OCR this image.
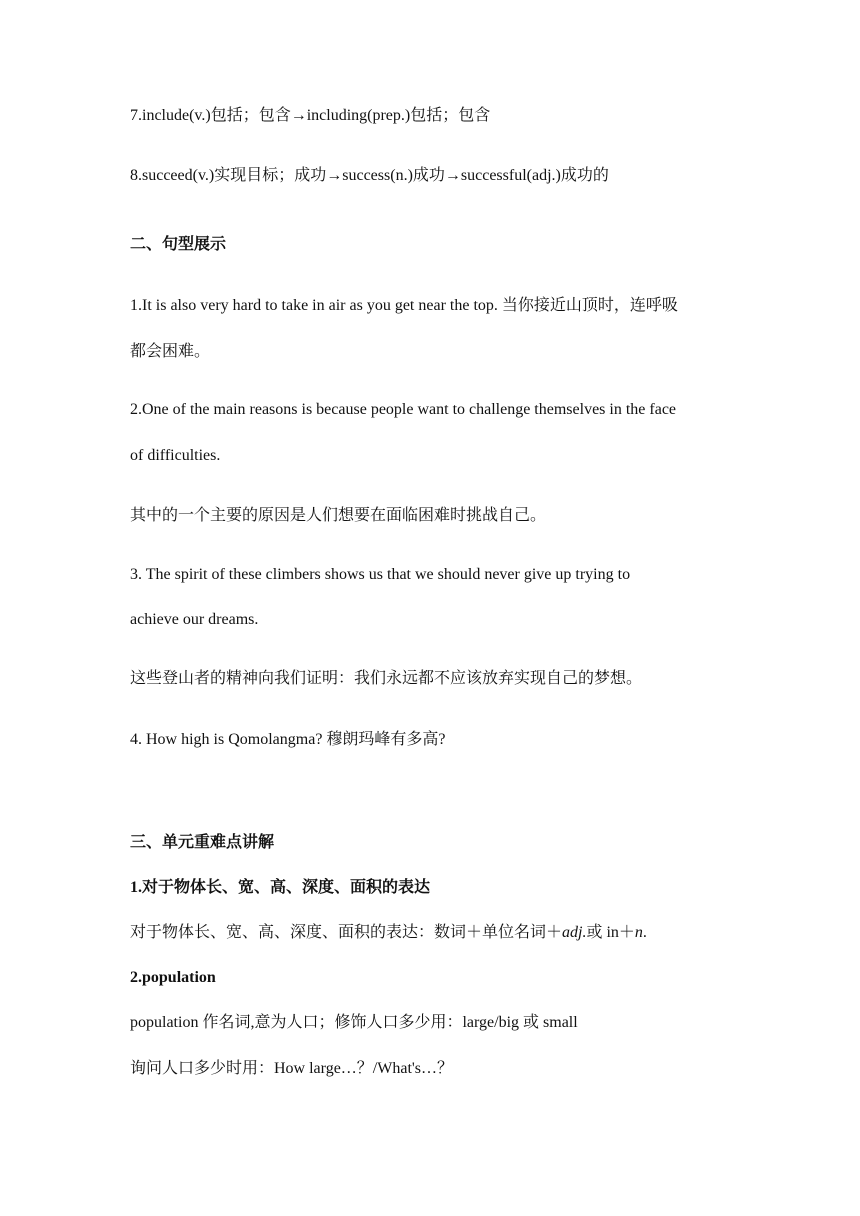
7.include(v.)包括；包含→including(prep.)包括；包含
8.succeed(v.)实现目标；成功→success(n.)成功→successful(adj.)成功的
二、句型展示
1.It is also very hard to take in air as you get near the top. 当你接近山顶时，连呼吸
都会困难。
2.One of the main reasons is because people want to challenge themselves in the face
of difficulties.
其中的一个主要的原因是人们想要在面临困难时挑战自己。
3. The spirit of these climbers shows us that we should never give up trying to
achieve our dreams.
这些登山者的精神向我们证明：我们永远都不应该放弃实现自己的梦想。
4. How high is Qomolangma? 穆朗玛峰有多高?
三、单元重难点讲解
1.对于物体长、宽、高、深度、面积的表达
对于物体长、宽、高、深度、面积的表达：数词＋单位名词＋adj.或 in＋n.
2.population
population 作名词,意为人口；修饰人口多少用：large/big 或 small
询问人口多少时用：How large…？/What's…？
